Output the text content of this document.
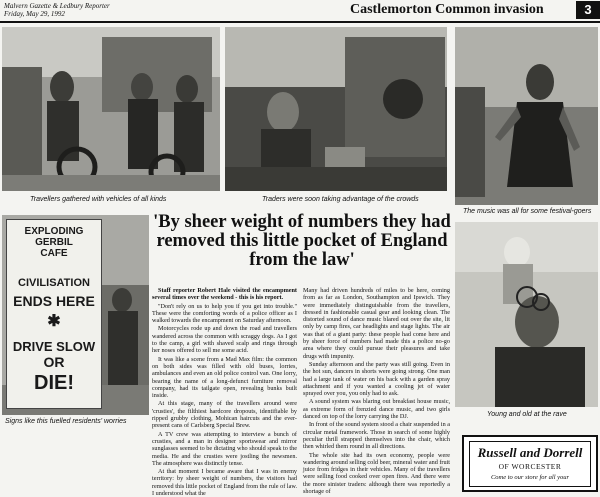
Malvern Gazette & Ledbury Reporter
Friday, May 29, 1992	Castlemorton Common invasion	3
Travellers gathered with vehicles of all kinds	Traders were soon taking advantage of the crowds
The music was all for some festival-goers
EXPLODING
GERBIL
CAFE
CIVILISATION
ENDS HERE
✱
DRIVE SLOW
OR
DIE!
Signs like this fuelled residents' worries
'By sheer weight of numbers they had removed this little pocket of England from the law'

Staff reporter Robert Hale visited the encampment several times over the weekend - this is his report.

"Don't rely on us to help you if you get into trouble." These were the comforting words of a police officer as I walked towards the encampment on Saturday afternoon.

Motorcycles rode up and down the road and travellers wandered across the common with scraggy dogs. As I got to the camp, a girl with shaved scalp and rings through her noses offered to sell me some acid.

It was like a scene from a Mad Max film: the common on both sides was filled with old buses, lorries, ambulances and even an old police control van. One lorry, bearing the name of a long-defunct furniture removal company, had its tailgate open, revealing bunks built inside.

At this stage, many of the travellers around were 'crusties', the filthiest hardcore dropouts, identifiable by ripped grubby clothing, Mohican haircuts and the ever-present cans of Carlsberg Special Brew.

A TV crew was attempting to interview a bunch of crusties, and a man in designer sportswear and mirror sunglasses seemed to be dictating who should speak to the media. He and the crusties were jostling the newsmen. The atmosphere was distinctly tense.

At that moment I became aware that I was in enemy territory: by sheer weight of numbers, the visitors had removed this little pocket of England from the rule of law. I understood what the

Many had driven hundreds of miles to be here, coming from as far as London, Southampton and Ipswich. They were immediately distinguishable from the travellers, dressed in fashionable casual gear and looking clean. The distorted sound of dance music blared out over the site, lit only by camp fires, car headlights and stage lights. The air was that of a giant party: these people had come here and by sheer force of numbers had made this a police no-go area where they could pursue their pleasures and take drugs with impunity.

Sunday afternoon and the party was still going. Even in the hot sun, dancers in shorts were going strong. One man had a large tank of water on his back with a garden spray attachment and if you wanted a cooling jet of water sprayed over you, you only had to ask.

A sound system was blaring out breakfast house music, as extreme form of frenzied dance music, and two girls danced on top of the lorry carrying the DJ.

In front of the sound system stood a chair suspended in a circular metal framework. Those in search of some highly peculiar thrill strapped themselves into the chair, which then whirled them round in all directions.

The whole site had its own economy, people were wandering around selling cold beer, mineral water and fruit juice from fridges in their vehicles. Many of the travellers were selling food cooked over open fires. And there were the more sinister traders: although there was reportedly a shortage of

Young and old at the rave
Russell and Dorrell
OF WORCESTER
Come to our store for all your
